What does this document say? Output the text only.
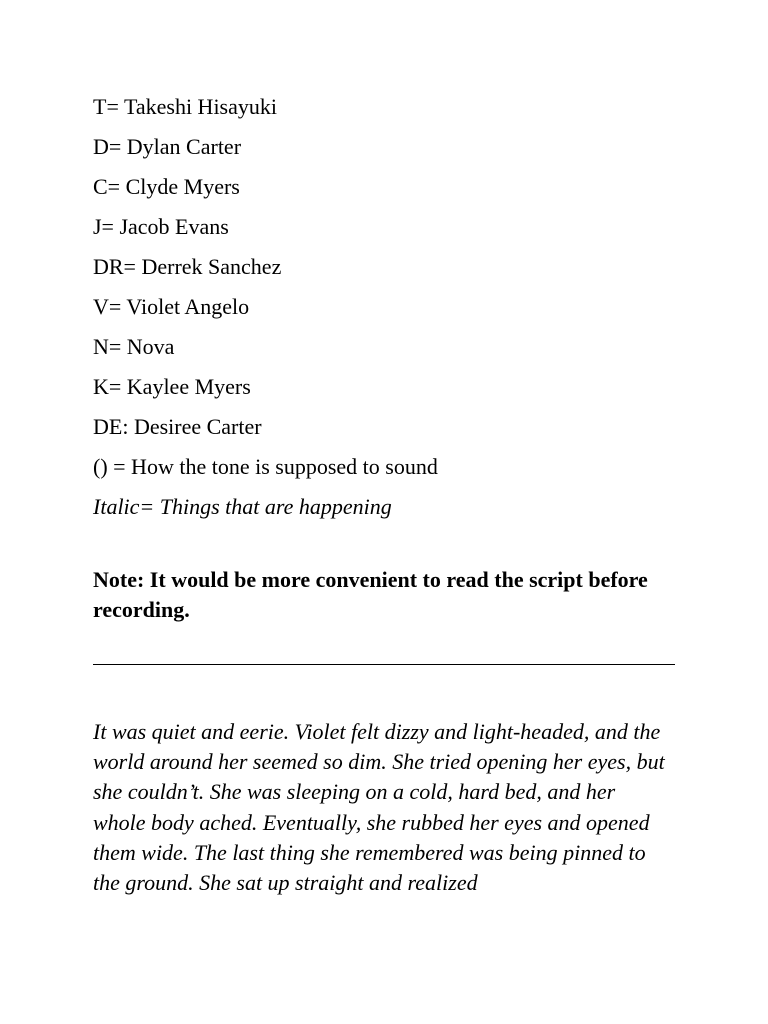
T= Takeshi Hisayuki
D= Dylan Carter
C= Clyde Myers
J= Jacob Evans
DR= Derrek Sanchez
V= Violet Angelo
N= Nova
K= Kaylee Myers
DE: Desiree Carter
() = How the tone is supposed to sound
Italic= Things that are happening

Note: It would be more convenient to read the script before recording.

It was quiet and eerie. Violet felt dizzy and light-headed, and the world around her seemed so dim. She tried opening her eyes, but she couldn’t. She was sleeping on a cold, hard bed, and her whole body ached. Eventually, she rubbed her eyes and opened them wide. The last thing she remembered was being pinned to the ground. She sat up straight and realized
